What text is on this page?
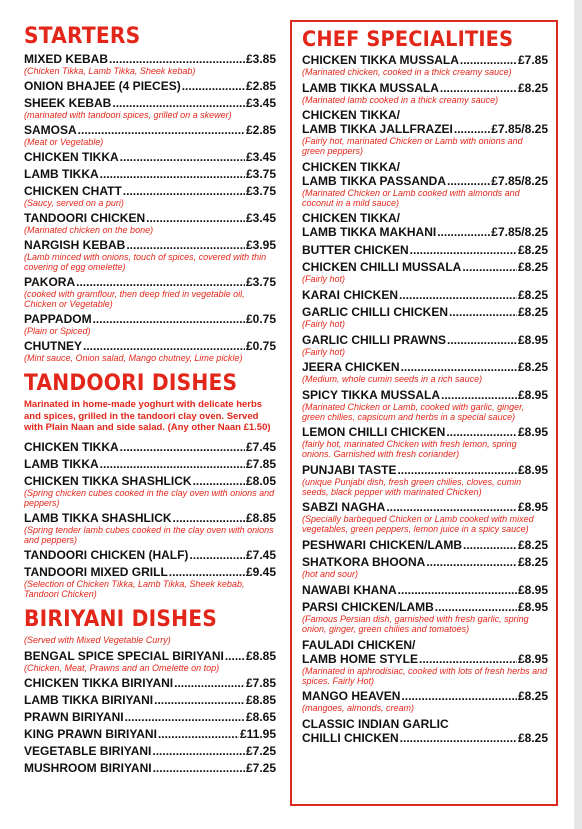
STARTERS
MIXED KEBAB .....	£3.85
(Chicken Tikka, Lamb Tikka, Sheek kebab)
ONION BHAJEE (4 PIECES) .....	£2.85
SHEEK KEBAB .....	£3.45
(marinated with tandoori spices, grilled on a skewer)
SAMOSA .....	£2.85
(Meat or Vegetable)
CHICKEN TIKKA .....	£3.45
LAMB TIKKA .....	£3.75
CHICKEN CHATT .....	£3.75
(Saucy, served on a puri)
TANDOORI CHICKEN .....	£3.45
(Marinated chicken on the bone)
NARGISH KEBAB .....	£3.95
(Lamb minced with onions, touch of spices, covered with thin covering of egg omelette)
PAKORA .....	£3.75
(cooked with gramflour, then deep fried in vegetable oil, Chicken or Vegetable)
PAPPADOM .....	£0.75
(Plain or Spiced)
CHUTNEY .....	£0.75
(Mint sauce, Onion salad, Mango chutney, Lime pickle)
TANDOORI DISHES
Marinated in home-made yoghurt with delicate herbs and spices, grilled in the tandoori clay oven. Served with Plain Naan and side salad. (Any other Naan £1.50)
CHICKEN TIKKA .....	£7.45
LAMB TIKKA .....	£7.85
CHICKEN TIKKA SHASHLICK .....	£8.05
(Spring chicken cubes cooked in the clay oven with onions and peppers)
LAMB TIKKA SHASHLICK .....	£8.85
(Spring tender lamb cubes cooked in the clay oven with onions and peppers)
TANDOORI CHICKEN (HALF) .....	£7.45
TANDOORI MIXED GRILL .....	£9.45
(Selection of Chicken Tikka, Lamb Tikka, Sheek kebab, Tandoori Chicken)
BIRIYANI DISHES
(Served with Mixed Vegetable Curry)
BENGAL SPICE SPECIAL BIRIYANI ..... £8.85
(Chicken, Meat, Prawns and an Omelette on top)
CHICKEN TIKKA BIRIYANI .....	£7.85
LAMB TIKKA BIRIYANI .....	£8.85
PRAWN BIRIYANI .....	£8.65
KING PRAWN BIRIYANI .....	£11.95
VEGETABLE BIRIYANI .....	£7.25
MUSHROOM BIRIYANI .....	£7.25
CHEF SPECIALITIES
CHICKEN TIKKA MUSSALA .....	£7.85
(Marinated chicken, cooked in a thick creamy sauce)
LAMB TIKKA MUSSALA .....	£8.25
(Marinated lamb cooked in a thick creamy sauce)
CHICKEN TIKKA/
LAMB TIKKA JALLFRAZEI .....	£7.85/8.25
(Fairly hot, marinated Chicken or Lamb with onions and green peppers)
CHICKEN TIKKA/
LAMB TIKKA PASSANDA .....	£7.85/8.25
(Marinated Chicken or Lamb cooked with almonds and coconut in a mild sauce)
CHICKEN TIKKA/
LAMB TIKKA MAKHANI .....	£7.85/8.25
BUTTER CHICKEN .....	£8.25
CHICKEN CHILLI MUSSALA .....	£8.25
(Fairly hot)
KARAI CHICKEN .....	£8.25
GARLIC CHILLI CHICKEN .....	£8.25
(Fairly hot)
GARLIC CHILLI PRAWNS .....	£8.95
(Fairly hot)
JEERA CHICKEN .....	£8.25
(Medium, whole cumin seeds in a rich sauce)
SPICY TIKKA MUSSALA .....	£8.95
(Marinated Chicken or Lamb, cooked with garlic, ginger, green chilies, capsicum and herbs in a special sauce)
LEMON CHILLI CHICKEN .....	£8.95
(fairly hot, marinated Chicken with fresh lemon, spring onions. Garnished with fresh coriander)
PUNJABI TASTE .....	£8.95
(unique Punjabi dish, fresh green chilies, cloves, cumin seeds, black pepper with marinated Chicken)
SABZI NAGHA .....	£8.95
(Specially barbequed Chicken or Lamb cooked with mixed vegetables, green peppers, lemon juice in a spicy sauce)
PESHWARI CHICKEN/LAMB .....	£8.25
SHATKORA BHOONA .....	£8.25
(hot and sour)
NAWABI KHANA .....	£8.95
PARSI CHICKEN/LAMB .....	£8.95
(Famous Persian dish, garnished with fresh garlic, spring onion, ginger, green chilies and tomatoes)
FAULADI CHICKEN/
LAMB HOME STYLE .....	£8.95
(Marinated in aphrodisiac, cooked with lots of fresh herbs and spices. Fairly Hot)
MANGO HEAVEN .....	£8.25
(mangoes, almonds, cream)
CLASSIC INDIAN GARLIC
CHILLI CHICKEN .....	£8.25
